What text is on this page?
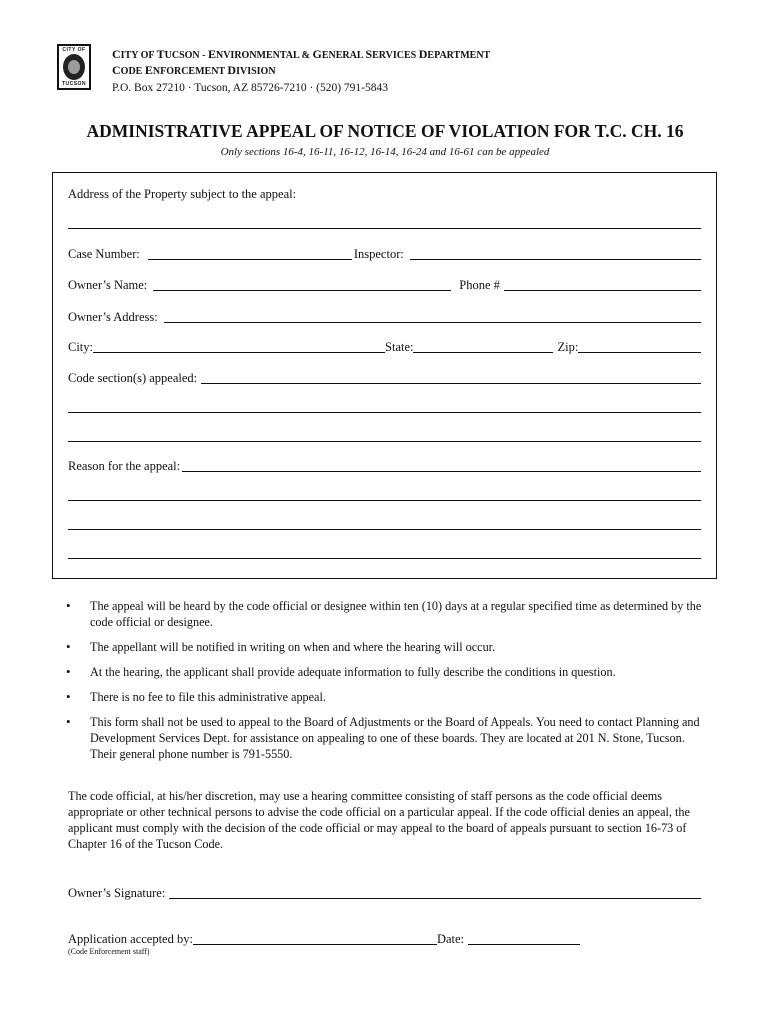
CITY OF
TUCSON
CITY OF TUCSON - ENVIRONMENTAL & GENERAL SERVICES DEPARTMENT
CODE ENFORCEMENT DIVISION
P.O. Box 27210 · Tucson, AZ 85726-7210 · (520) 791-5843
ADMINISTRATIVE APPEAL OF NOTICE OF VIOLATION FOR T.C. CH. 16
Only sections 16-4, 16-11, 16-12, 16-14, 16-24 and 16-61 can be appealed
Address of the Property subject to the appeal:
Case Number:	Inspector:
Owner’s Name:	Phone #
Owner’s Address:
City:	State:	Zip:
Code section(s) appealed:
Reason for the appeal:
• The appeal will be heard by the code official or designee within ten (10) days at a regular specified time as determined by the code official or designee.
• The appellant will be notified in writing on when and where the hearing will occur.
• At the hearing, the applicant shall provide adequate information to fully describe the conditions in question.
• There is no fee to file this administrative appeal.
• This form shall not be used to appeal to the Board of Adjustments or the Board of Appeals. You need to contact Planning and Development Services Dept. for assistance on appealing to one of these boards. They are located at 201 N. Stone, Tucson. Their general phone number is 791-5550.
The code official, at his/her discretion, may use a hearing committee consisting of staff persons as the code official deems appropriate or other technical persons to advise the code official on a particular appeal. If the code official denies an appeal, the applicant must comply with the decision of the code official or may appeal to the board of appeals pursuant to section 16-73 of Chapter 16 of the Tucson Code.
Owner’s Signature:
Application accepted by:	Date:
(Code Enforcement staff)
